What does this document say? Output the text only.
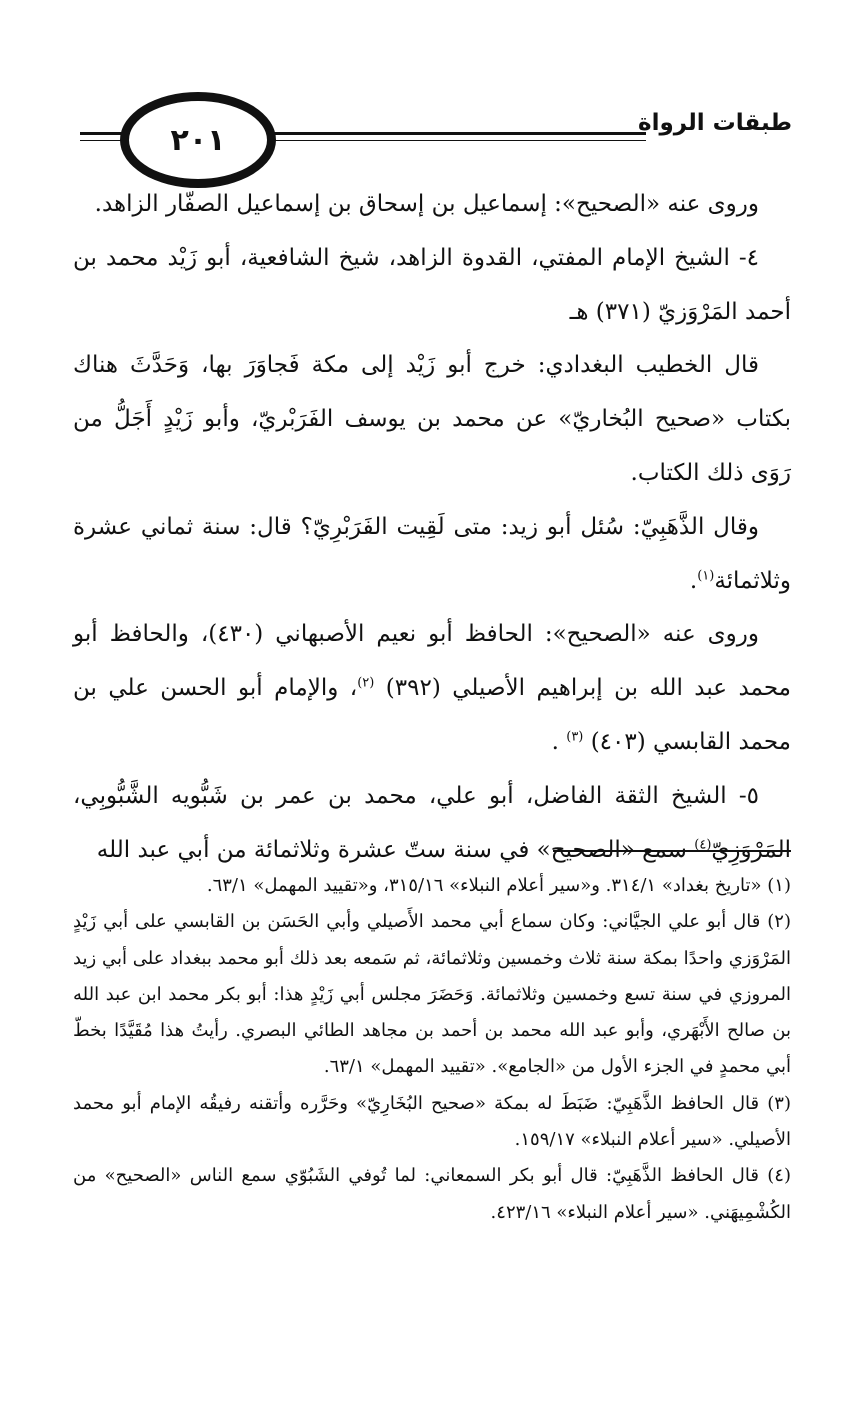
٢٠١	طبقات الرواة

وروى عنه «الصحيح»: إسماعيل بن إسحاق بن إسماعيل الصفّار الزاهد.

٤- الشيخ الإمام المفتي، القدوة الزاهد، شيخ الشافعية، أبو زَيْد محمد بن أحمد المَرْوَزيّ (٣٧١) هـ

قال الخطيب البغدادي: خرج أبو زَيْد إلى مكة فَجاوَرَ بها، وَحَدَّثَ هناك بكتاب «صحيح البُخاريّ» عن محمد بن يوسف الفَرَبْريّ، وأبو زَيْدٍ أَجَلُّ من رَوَى ذلك الكتاب.

وقال الذَّهَبِيّ: سُئل أبو زيد: متى لَقِيت الفَرَبْرِيّ؟ قال: سنة ثماني عشرة وثلاثمائة$^{(١)}$.

وروى عنه «الصحيح»: الحافظ أبو نعيم الأصبهاني (٤٣٠)، والحافظ أبو محمد عبد الله بن إبراهيم الأصيلي (٣٩٢) $^{(٢)}$، والإمام أبو الحسن علي بن محمد القابسي (٤٠٣) $^{(٣)}$ .

٥- الشيخ الثقة الفاضل، أبو علي، محمد بن عمر بن شَبُّويه الشَّبُّوبِي، المَرْوَزِيّ$^{(٤)}$ سمع «الصحيح» في سنة ستّ عشرة وثلاثمائة من أبي عبد الله

(١) «تاريخ بغداد» ٣١٤/١. و«سير أعلام النبلاء» ٣١٥/١٦، و«تقييد المهمل» ٦٣/١.

(٢) قال أبو علي الجيَّاني: وكان سماع أبي محمد الأَصيلي وأبي الحَسَن بن القابسي على أبي زَيْدٍ المَرْوَزي واحدًا بمكة سنة ثلاث وخمسين وثلاثمائة، ثم سَمعه بعد ذلك أبو محمد ببغداد على أبي زيد المروزي في سنة تسع وخمسين وثلاثمائة. وَحَضَرَ مجلس أبي زَيْدٍ هذا: أبو بكر محمد ابن عبد الله بن صالح الأَبْهَري، وأبو عبد الله محمد بن أحمد بن مجاهد الطائي البصري. رأيتُ هذا مُقَيَّدًا بخطّ أبي محمدٍ في الجزء الأول من «الجامع». «تقييد المهمل» ٦٣/١.

(٣) قال الحافظ الذَّهَبِيّ: ضَبَطَ له بمكة «صحيح البُخَارِيّ» وحَرَّره وأتقنه رفيقُه الإمام أبو محمد الأصيلي. «سير أعلام النبلاء» ١٥٩/١٧.

(٤) قال الحافظ الذَّهَبِيّ: قال أبو بكر السمعاني: لما تُوفي الشَبُوّي سمع الناس «الصحيح» من الكُشْمِيهَني. «سير أعلام النبلاء» ٤٢٣/١٦.
